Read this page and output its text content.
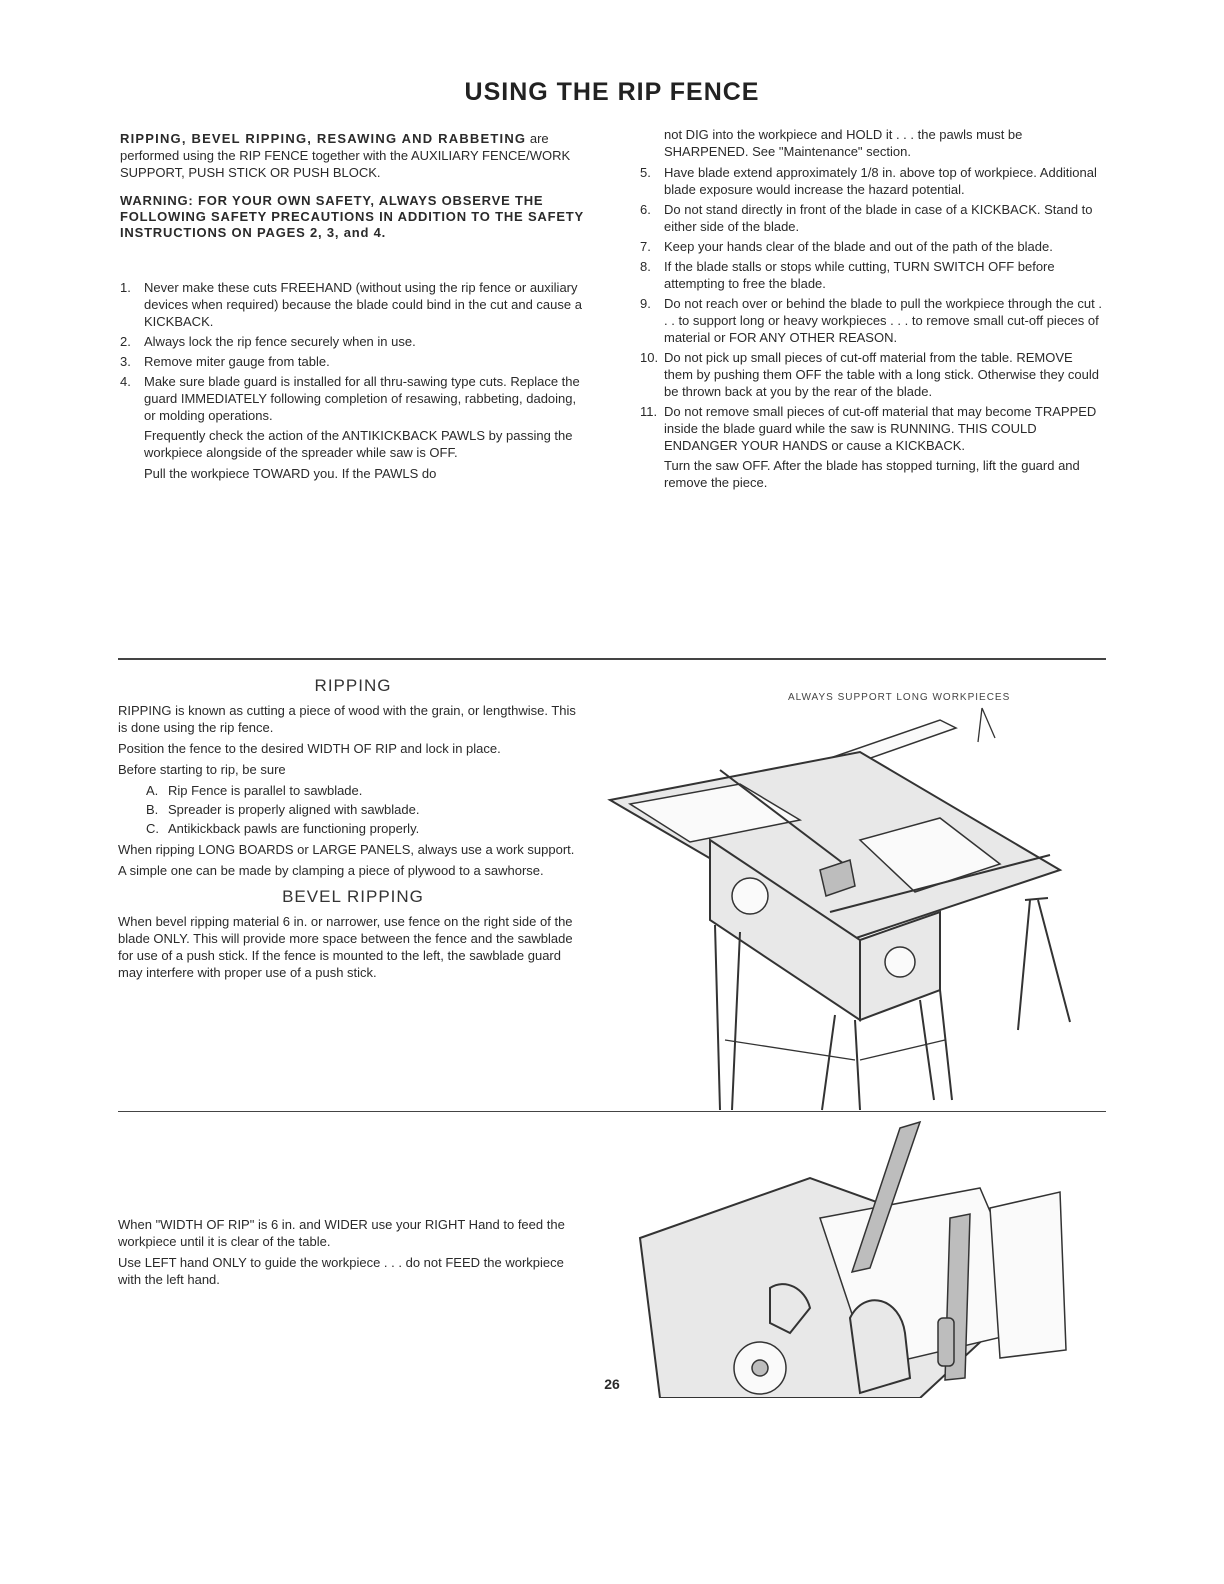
USING THE RIP FENCE

RIPPING, BEVEL RIPPING, RESAWING AND RABBETING are performed using the RIP FENCE together with the AUXILIARY FENCE/WORK SUPPORT, PUSH STICK OR PUSH BLOCK.

WARNING: FOR YOUR OWN SAFETY, ALWAYS OBSERVE THE FOLLOWING SAFETY PRECAUTIONS IN ADDITION TO THE SAFETY INSTRUCTIONS ON PAGES 2, 3, and 4.

1. Never make these cuts FREEHAND (without using the rip fence or auxiliary devices when required) because the blade could bind in the cut and cause a KICKBACK.
2. Always lock the rip fence securely when in use.
3. Remove miter gauge from table.
4. Make sure blade guard is installed for all thru-sawing type cuts. Replace the guard IMMEDIATELY following completion of resawing, rabbeting, dadoing, or molding operations.

Frequently check the action of the ANTIKICKBACK PAWLS by passing the workpiece alongside of the spreader while saw is OFF.

Pull the workpiece TOWARD you. If the PAWLS do

not DIG into the workpiece and HOLD it . . . the pawls must be SHARPENED. See "Maintenance" section.

5. Have blade extend approximately 1/8 in. above top of workpiece. Additional blade exposure would increase the hazard potential.
6. Do not stand directly in front of the blade in case of a KICKBACK. Stand to either side of the blade.
7. Keep your hands clear of the blade and out of the path of the blade.
8. If the blade stalls or stops while cutting, TURN SWITCH OFF before attempting to free the blade.
9. Do not reach over or behind the blade to pull the workpiece through the cut . . . to support long or heavy workpieces . . . to remove small cut-off pieces of material or FOR ANY OTHER REASON.
10. Do not pick up small pieces of cut-off material from the table. REMOVE them by pushing them OFF the table with a long stick. Otherwise they could be thrown back at you by the rear of the blade.
11. Do not remove small pieces of cut-off material that may become TRAPPED inside the blade guard while the saw is RUNNING. THIS COULD ENDANGER YOUR HANDS or cause a KICKBACK.

Turn the saw OFF. After the blade has stopped turning, lift the guard and remove the piece.

RIPPING

RIPPING is known as cutting a piece of wood with the grain, or lengthwise. This is done using the rip fence.

Position the fence to the desired WIDTH OF RIP and lock in place.

Before starting to rip, be sure

A. Rip Fence is parallel to sawblade.
B. Spreader is properly aligned with sawblade.
C. Antikickback pawls are functioning properly.

When ripping LONG BOARDS or LARGE PANELS, always use a work support.

A simple one can be made by clamping a piece of plywood to a sawhorse.

BEVEL RIPPING

When bevel ripping material 6 in. or narrower, use fence on the right side of the blade ONLY. This will provide more space between the fence and the sawblade for use of a push stick. If the fence is mounted to the left, the sawblade guard may interfere with proper use of a push stick.

ALWAYS SUPPORT LONG WORKPIECES

When "WIDTH OF RIP" is 6 in. and WIDER use your RIGHT Hand to feed the workpiece until it is clear of the table.

Use LEFT hand ONLY to guide the workpiece . . . do not FEED the workpiece with the left hand.

26
